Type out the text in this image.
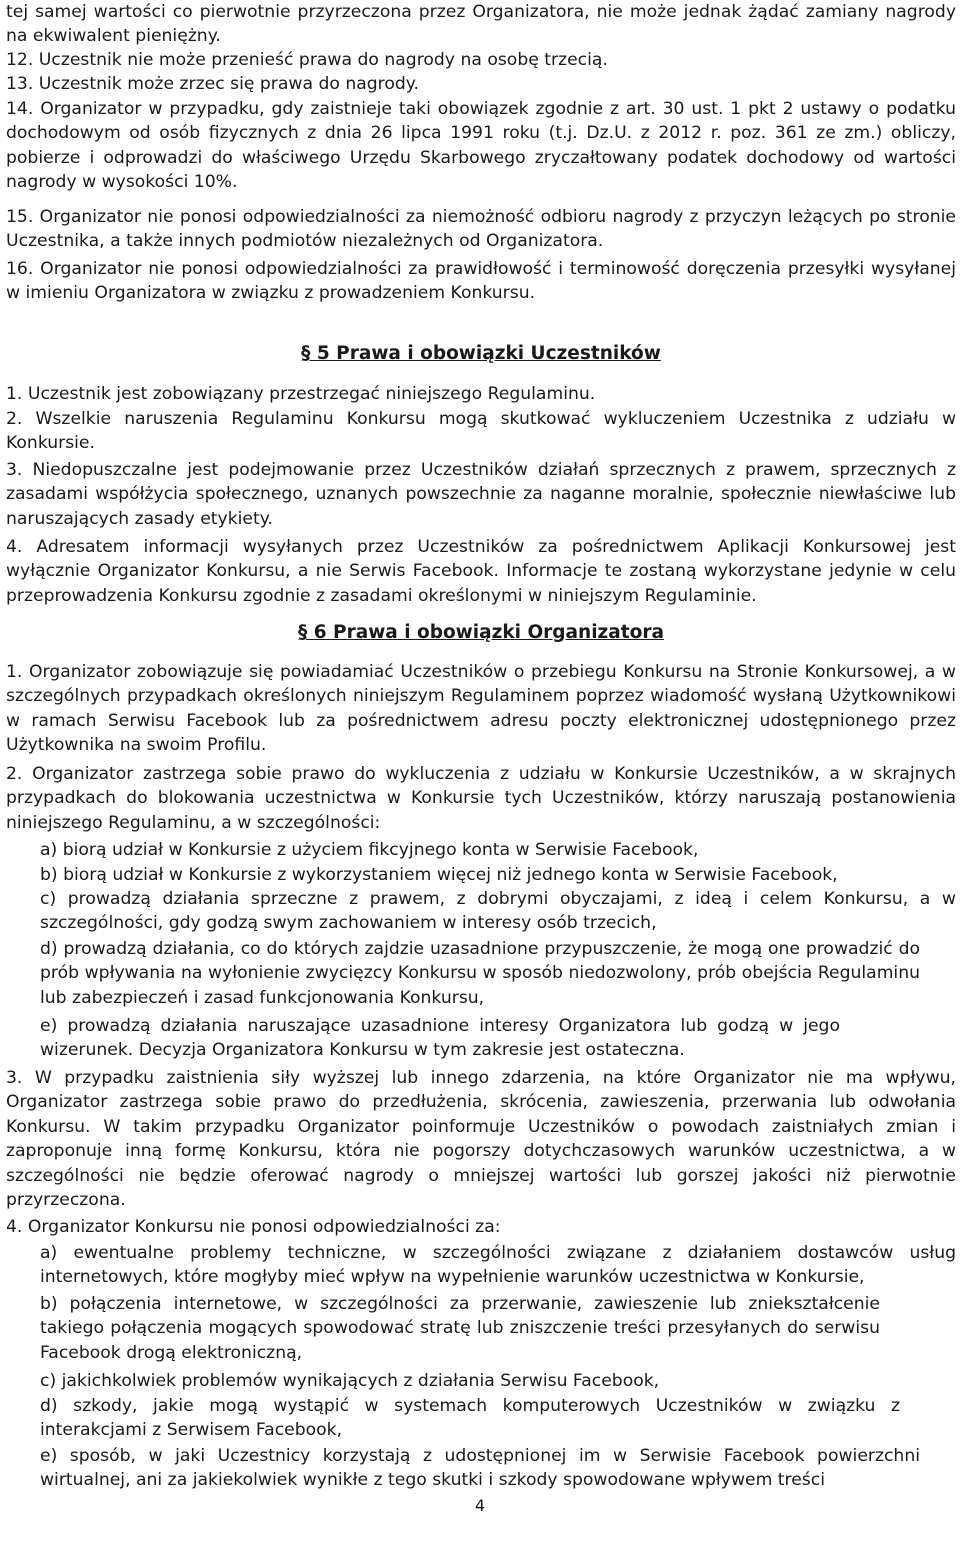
tej samej wartości co pierwotnie przyrzeczona przez Organizatora, nie może jednak żądać zamiany nagrody na ekwiwalent pieniężny.

12. Uczestnik nie może przenieść prawa do nagrody na osobę trzecią.

13. Uczestnik może zrzec się prawa do nagrody.

14. Organizator w przypadku, gdy zaistnieje taki obowiązek zgodnie z art. 30 ust. 1 pkt 2 ustawy o podatku dochodowym od osób fizycznych z dnia 26 lipca 1991 roku (t.j. Dz.U. z 2012 r. poz. 361 ze zm.) obliczy, pobierze i odprowadzi do właściwego Urzędu Skarbowego zryczałtowany podatek dochodowy od wartości nagrody w wysokości 10%.

15. Organizator nie ponosi odpowiedzialności za niemożność odbioru nagrody z przyczyn leżących po stronie Uczestnika, a także innych podmiotów niezależnych od Organizatora.

16. Organizator nie ponosi odpowiedzialności za prawidłowość i terminowość doręczenia przesyłki wysyłanej w imieniu Organizatora w związku z prowadzeniem Konkursu.

§ 5 Prawa i obowiązki Uczestników

1. Uczestnik jest zobowiązany przestrzegać niniejszego Regulaminu.

2. Wszelkie naruszenia Regulaminu Konkursu mogą skutkować wykluczeniem Uczestnika z udziału w Konkursie.

3. Niedopuszczalne jest podejmowanie przez Uczestników działań sprzecznych z prawem, sprzecznych z zasadami współżycia społecznego, uznanych powszechnie za naganne moralnie, społecznie niewłaściwe lub naruszających zasady etykiety.

4. Adresatem informacji wysyłanych przez Uczestników za pośrednictwem Aplikacji Konkursowej jest wyłącznie Organizator Konkursu, a nie Serwis Facebook. Informacje te zostaną wykorzystane jedynie w celu przeprowadzenia Konkursu zgodnie z zasadami określonymi w niniejszym Regulaminie.

§ 6 Prawa i obowiązki Organizatora

1. Organizator zobowiązuje się powiadamiać Uczestników o przebiegu Konkursu na Stronie Konkursowej, a w szczególnych przypadkach określonych niniejszym Regulaminem poprzez wiadomość wysłaną Użytkownikowi w ramach Serwisu Facebook lub za pośrednictwem adresu poczty elektronicznej udostępnionego przez Użytkownika na swoim Profilu.

2. Organizator zastrzega sobie prawo do wykluczenia z udziału w Konkursie Uczestników, a w skrajnych przypadkach do blokowania uczestnictwa w Konkursie tych Uczestników, którzy naruszają postanowienia niniejszego Regulaminu, a w szczególności:

a) biorą udział w Konkursie z użyciem fikcyjnego konta w Serwisie Facebook,

b) biorą udział w Konkursie z wykorzystaniem więcej niż jednego konta w Serwisie Facebook,

c) prowadzą działania sprzeczne z prawem, z dobrymi obyczajami, z ideą i celem Konkursu, a w szczególności, gdy godzą swym zachowaniem w interesy osób trzecich,

d) prowadzą działania, co do których zajdzie uzasadnione przypuszczenie, że mogą one prowadzić do prób wpływania na wyłonienie zwycięzcy Konkursu w sposób niedozwolony, prób obejścia Regulaminu lub zabezpieczeń i zasad funkcjonowania Konkursu,

e) prowadzą działania naruszające uzasadnione interesy Organizatora lub godzą w jego wizerunek. Decyzja Organizatora Konkursu w tym zakresie jest ostateczna.

3. W przypadku zaistnienia siły wyższej lub innego zdarzenia, na które Organizator nie ma wpływu, Organizator zastrzega sobie prawo do przedłużenia, skrócenia, zawieszenia, przerwania lub odwołania Konkursu. W takim przypadku Organizator poinformuje Uczestników o powodach zaistniałych zmian i zaproponuje inną formę Konkursu, która nie pogorszy dotychczasowych warunków uczestnictwa, a w szczególności nie będzie oferować nagrody o mniejszej wartości lub gorszej jakości niż pierwotnie przyrzeczona.

4. Organizator Konkursu nie ponosi odpowiedzialności za:

a) ewentualne problemy techniczne, w szczególności związane z działaniem dostawców usług internetowych, które mogłyby mieć wpływ na wypełnienie warunków uczestnictwa w Konkursie,

b) połączenia internetowe, w szczególności za przerwanie, zawieszenie lub zniekształcenie takiego połączenia mogących spowodować stratę lub zniszczenie treści przesyłanych do serwisu Facebook drogą elektroniczną,

c) jakichkolwiek problemów wynikających z działania Serwisu Facebook,

d) szkody, jakie mogą wystąpić w systemach komputerowych Uczestników w związku z interakcjami z Serwisem Facebook,

e) sposób, w jaki Uczestnicy korzystają z udostępnionej im w Serwisie Facebook powierzchni wirtualnej, ani za jakiekolwiek wynikłe z tego skutki i szkody spowodowane wpływem treści

4
